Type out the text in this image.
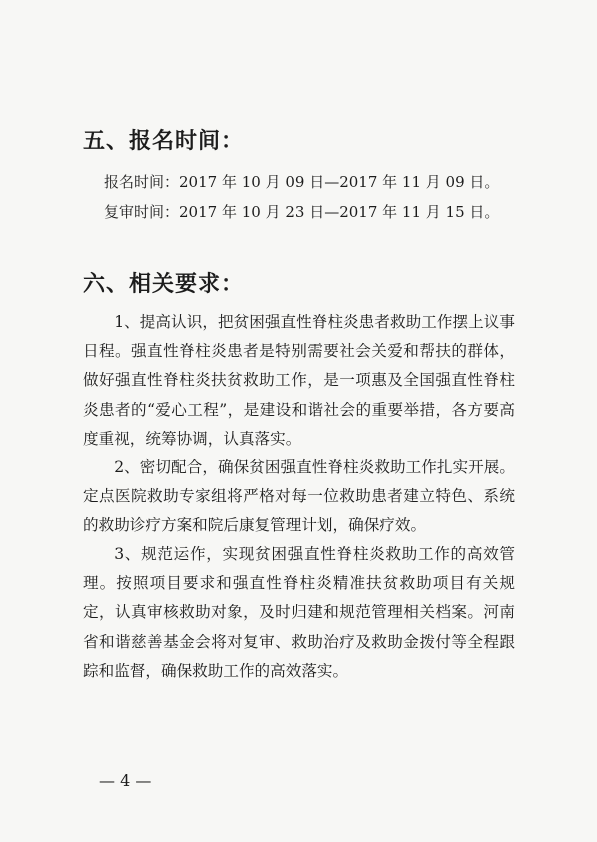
五、报名时间：

报名时间：2017 年 10 月 09 日—2017 年 11 月 09 日。

复审时间：2017 年 10 月 23 日—2017 年 11 月 15 日。

六、相关要求：

1、提高认识，把贫困强直性脊柱炎患者救助工作摆上议事日程。强直性脊柱炎患者是特别需要社会关爱和帮扶的群体，做好强直性脊柱炎扶贫救助工作，是一项惠及全国强直性脊柱炎患者的“爱心工程”，是建设和谐社会的重要举措，各方要高度重视，统筹协调，认真落实。

2、密切配合，确保贫困强直性脊柱炎救助工作扎实开展。定点医院救助专家组将严格对每一位救助患者建立特色、系统的救助诊疗方案和院后康复管理计划，确保疗效。

3、规范运作，实现贫困强直性脊柱炎救助工作的高效管理。按照项目要求和强直性脊柱炎精准扶贫救助项目有关规定，认真审核救助对象，及时归建和规范管理相关档案。河南省和谐慈善基金会将对复审、救助治疗及救助金拨付等全程跟踪和监督，确保救助工作的高效落实。

— 4 —
